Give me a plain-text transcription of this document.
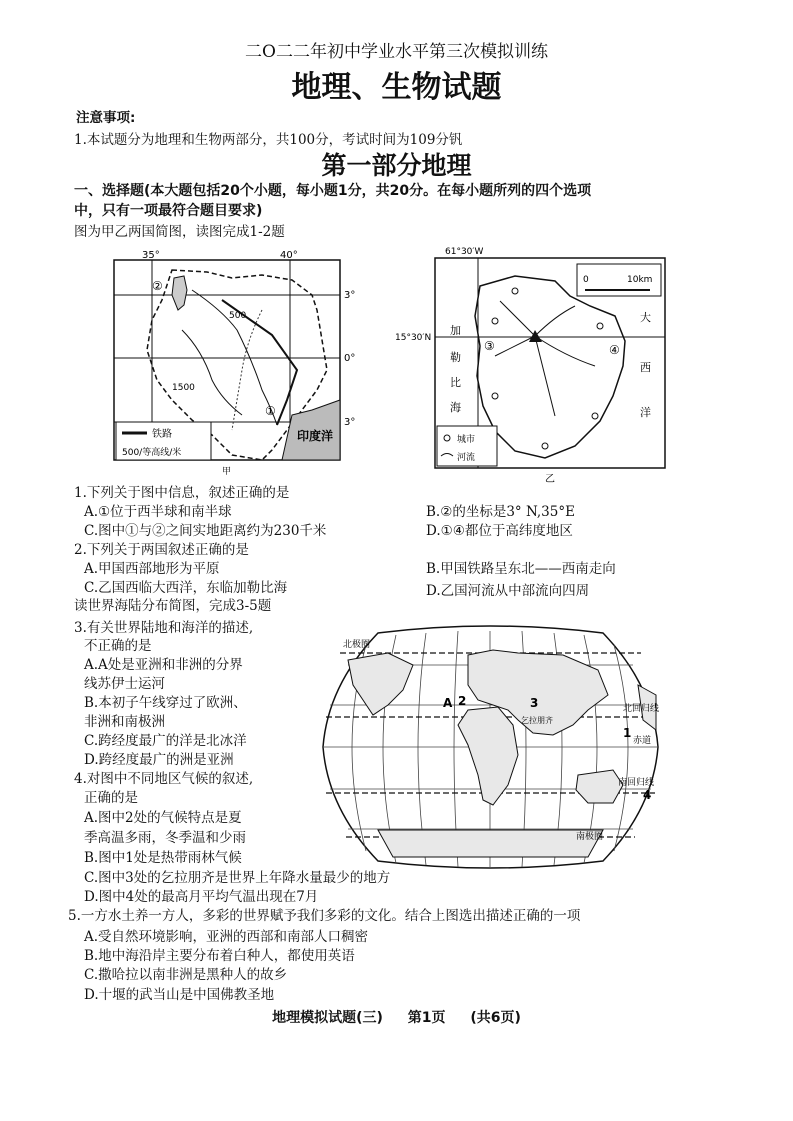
二O二二年初中学业水平第三次模拟训练
地理、生物试题
注意事项:
1.本试题分为地理和生物两部分，共100分，考试时间为109分钒
第一部分地理
一、选择题(本大题包括20个小题，每小题1分，共20分。在每小题所列的四个选项
中，只有一项最符合题目要求)
图为甲乙两国简图，读图完成1-2题
35°	40°
3°
0°
3°
500
1500
②
①
铁路
500/等高线/米
印度洋
甲
0	10km
61°30′W
15°30′N
加
勒
比
海
大
西
洋
③	④
城市
河流
乙
1.下列关于图中信息，叙述正确的是
A.①位于西半球和南半球	B.②的坐标是3° N,35°E
C.图中①与②之间实地距离约为230千米	D.①④都位于高纬度地区
2.下列关于两国叙述正确的是
A.甲国西部地形为平原	B.甲国铁路呈东北——西南走向
C.乙国西临大西洋，东临加勒比海	D.乙国河流从中部流向四周
读世界海陆分布简图，完成3-5题
北极圈
北回归线
赤道
南回归线
南极圈
A 2	3
乞拉朋齐
1
4
3.有关世界陆地和海洋的描述,
不正确的是
A.A处是亚洲和非洲的分界
线苏伊士运河
B.本初子午线穿过了欧洲、
非洲和南极洲
C.跨经度最广的洋是北冰洋
D.跨经度最广的洲是亚洲
4.对图中不同地区气候的叙述,
正确的是
A.图中2处的气候特点是夏
季高温多雨，冬季温和少雨
B.图中1处是热带雨林气候
C.图中3处的乞拉朋齐是世界上年降水量最少的地方
D.图中4处的最高月平均气温出现在7月
5.一方水土养一方人，多彩的世界赋予我们多彩的文化。结合上图选出描述正确的一项
A.受自然环境影响，亚洲的西部和南部人口稠密
B.地中海沿岸主要分布着白种人，都使用英语
C.撒哈拉以南非洲是黑种人的故乡
D.十堰的武当山是中国佛教圣地
地理模拟试题(三) 第1页 (共6页)
